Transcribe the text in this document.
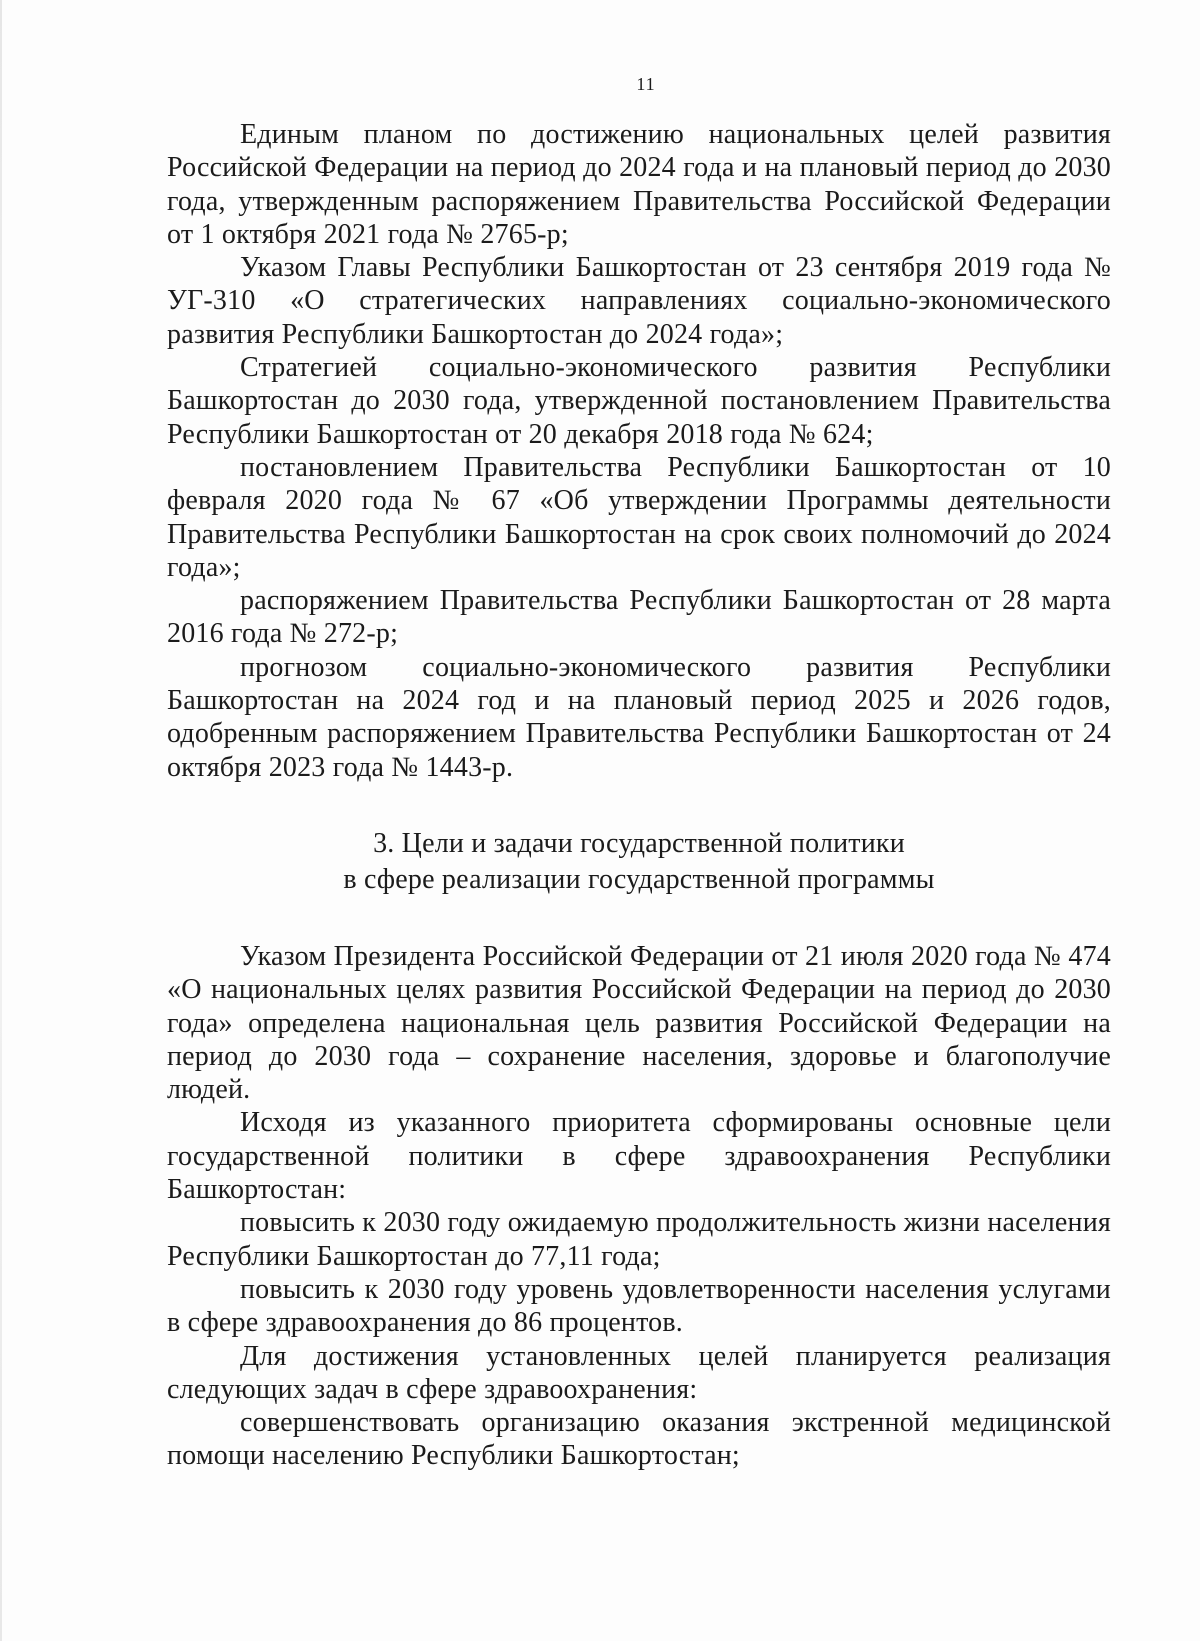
11

Единым планом по достижению национальных целей развития Российской Федерации на период до 2024 года и на плановый период до 2030 года, утвержденным распоряжением Правительства Российской Федерации от 1 октября 2021 года № 2765-р;

Указом Главы Республики Башкортостан от 23 сентября 2019 года № УГ-310 «О стратегических направлениях социально-экономического развития Республики Башкортостан до 2024 года»;

Стратегией социально-экономического развития Республики Башкортостан до 2030 года, утвержденной постановлением Правительства Республики Башкортостан от 20 декабря 2018 года № 624;

постановлением Правительства Республики Башкортостан от 10 февраля 2020 года № 67 «Об утверждении Программы деятельности Правительства Республики Башкортостан на срок своих полномочий до 2024 года»;

распоряжением Правительства Республики Башкортостан от 28 марта 2016 года № 272-р;

прогнозом социально-экономического развития Республики Башкортостан на 2024 год и на плановый период 2025 и 2026 годов, одобренным распоряжением Правительства Республики Башкортостан от 24 октября 2023 года № 1443-р.

3. Цели и задачи государственной политики
в сфере реализации государственной программы

Указом Президента Российской Федерации от 21 июля 2020 года № 474 «О национальных целях развития Российской Федерации на период до 2030 года» определена национальная цель развития Российской Федерации на период до 2030 года – сохранение населения, здоровье и благополучие людей.

Исходя из указанного приоритета сформированы основные цели государственной политики в сфере здравоохранения Республики Башкортостан:

повысить к 2030 году ожидаемую продолжительность жизни населения Республики Башкортостан до 77,11 года;

повысить к 2030 году уровень удовлетворенности населения услугами в сфере здравоохранения до 86 процентов.

Для достижения установленных целей планируется реализация следующих задач в сфере здравоохранения:

совершенствовать организацию оказания экстренной медицинской помощи населению Республики Башкортостан;
